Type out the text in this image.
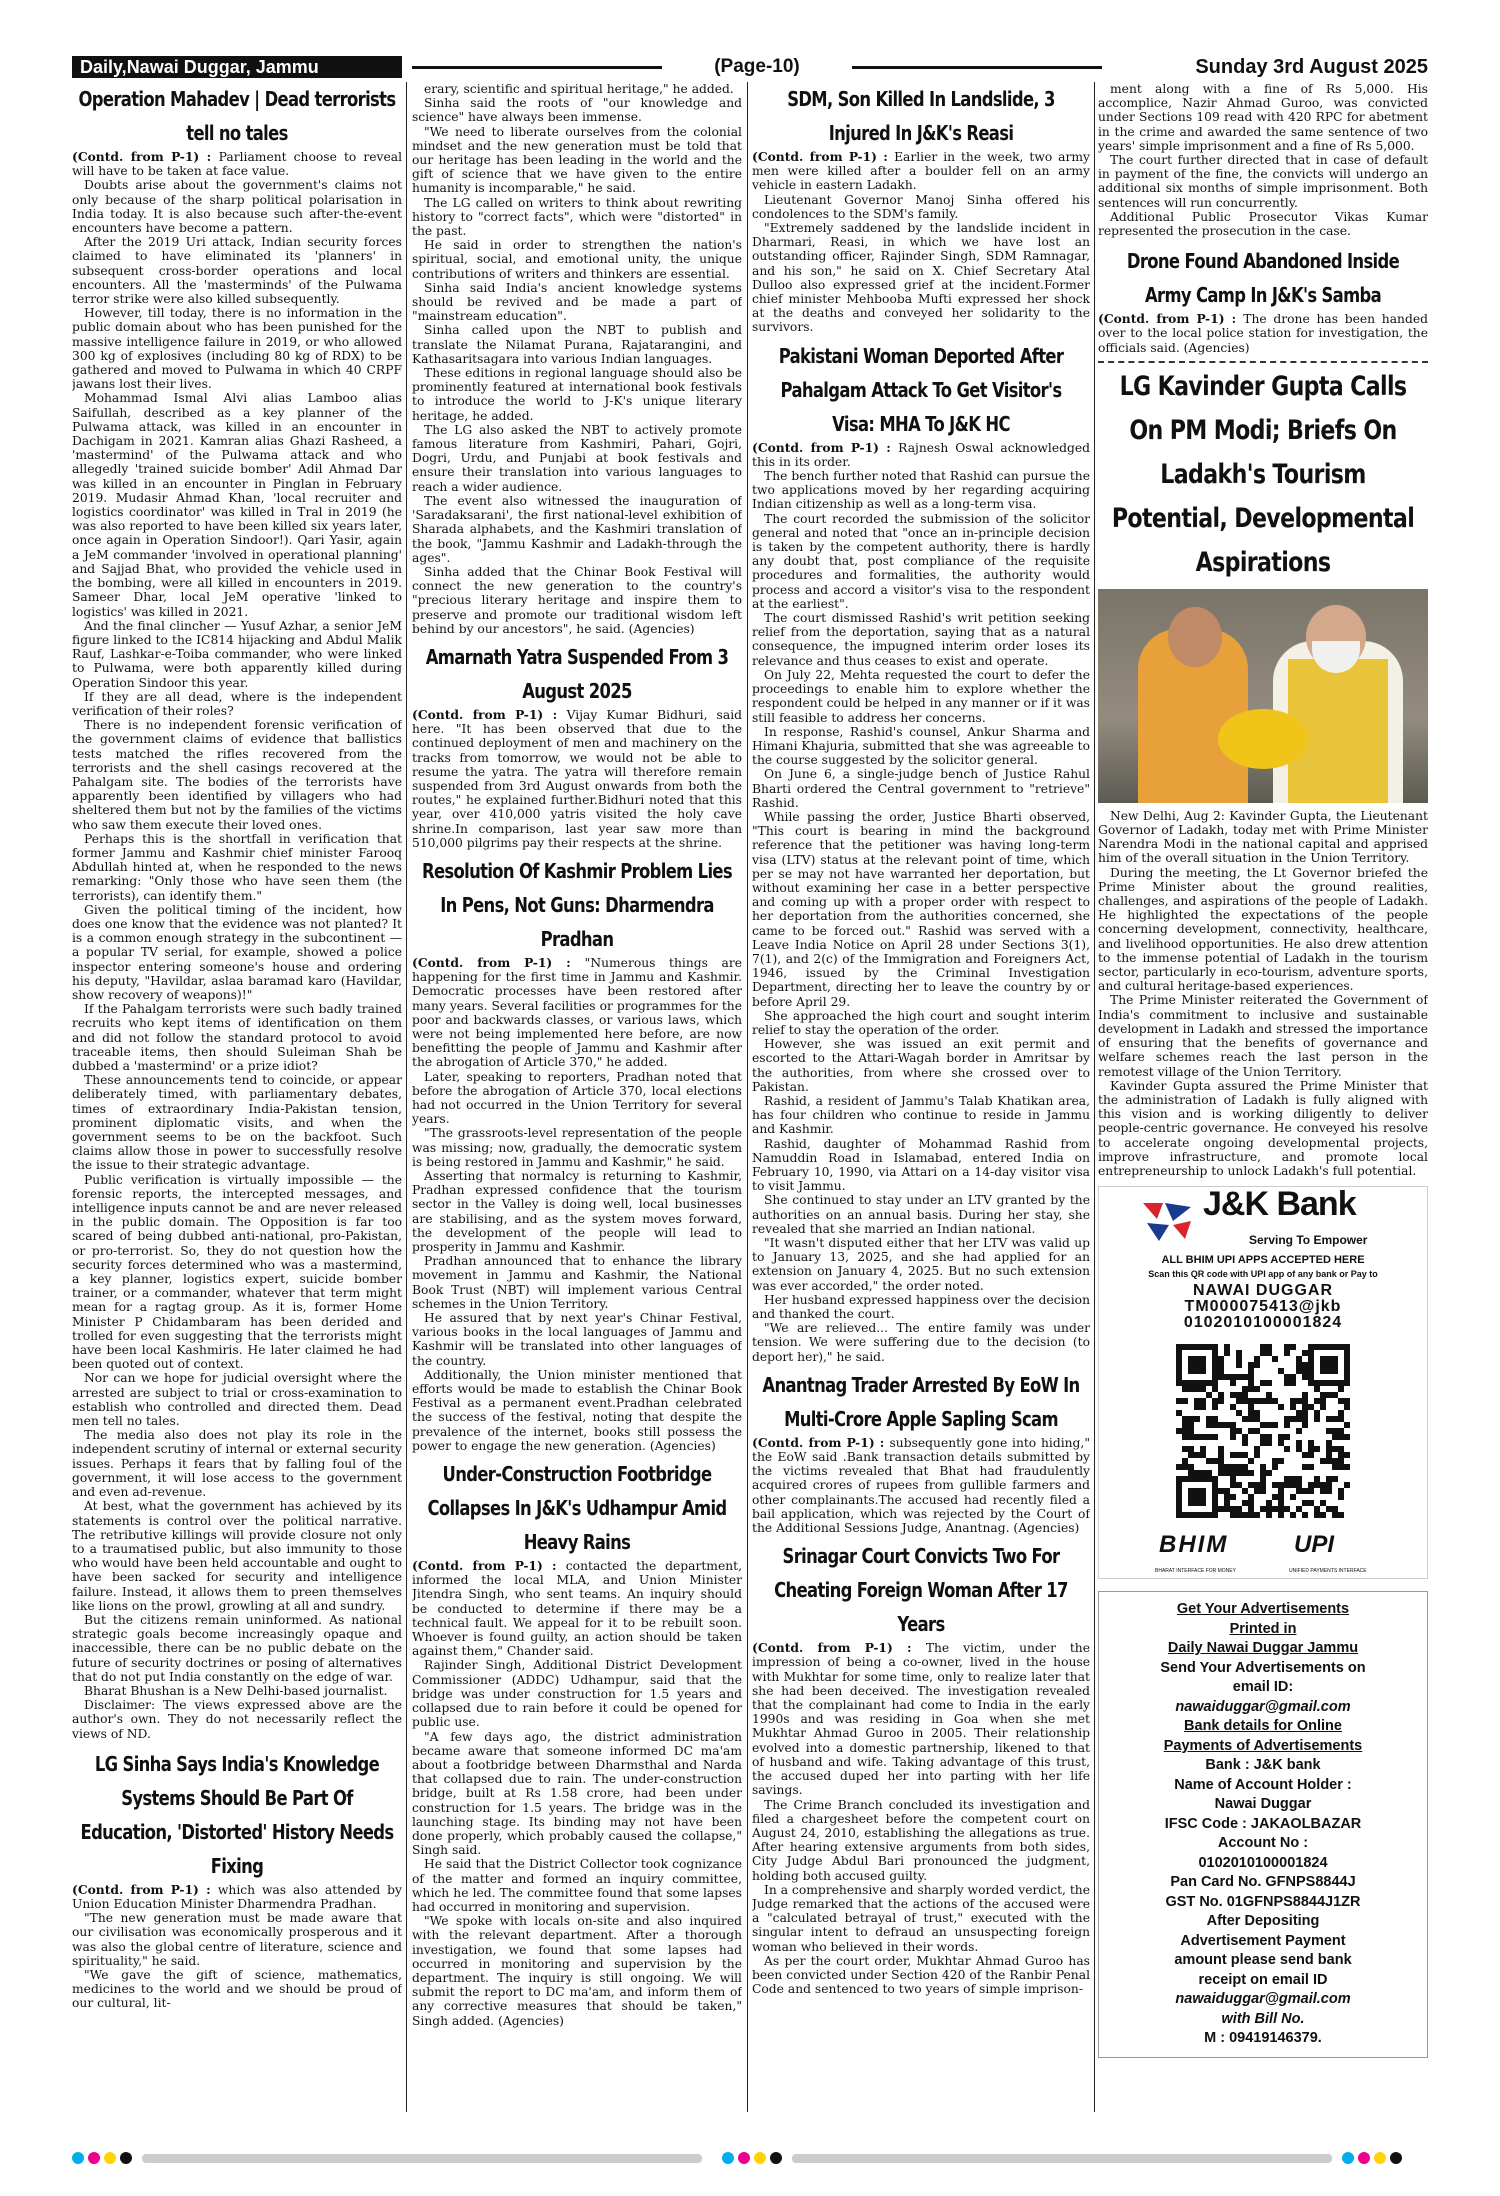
Daily,Nawai Duggar, Jammu	(Page-10)	Sunday 3rd August 2025
Operation Mahadev | Dead terrorists tell no tales

(Contd. from P-1) : Parliament choose to reveal will have to be taken at face value.

Doubts arise about the government's claims not only because of the sharp political polarisation in India today. It is also because such after-the-event encounters have become a pattern.

After the 2019 Uri attack, Indian security forces claimed to have eliminated its 'planners' in subsequent cross-border operations and local encounters. All the 'masterminds' of the Pulwama terror strike were also killed subsequently.

However, till today, there is no information in the public domain about who has been punished for the massive intelligence failure in 2019, or who allowed 300 kg of explosives (including 80 kg of RDX) to be gathered and moved to Pulwama in which 40 CRPF jawans lost their lives.

Mohammad Ismal Alvi alias Lamboo alias Saifullah, described as a key planner of the Pulwama attack, was killed in an encounter in Dachigam in 2021. Kamran alias Ghazi Rasheed, a 'mastermind' of the Pulwama attack and who allegedly 'trained suicide bomber' Adil Ahmad Dar was killed in an encounter in Pinglan in February 2019. Mudasir Ahmad Khan, 'local recruiter and logistics coordinator' was killed in Tral in 2019 (he was also reported to have been killed six years later, once again in Operation Sindoor!). Qari Yasir, again a JeM commander 'involved in operational planning' and Sajjad Bhat, who provided the vehicle used in the bombing, were all killed in encounters in 2019. Sameer Dhar, local JeM operative 'linked to logistics' was killed in 2021.

And the final clincher — Yusuf Azhar, a senior JeM figure linked to the IC814 hijacking and Abdul Malik Rauf, Lashkar-e-Toiba commander, who were linked to Pulwama, were both apparently killed during Operation Sindoor this year.

If they are all dead, where is the independent verification of their roles?

There is no independent forensic verification of the government claims of evidence that ballistics tests matched the rifles recovered from the terrorists and the shell casings recovered at the Pahalgam site. The bodies of the terrorists have apparently been identified by villagers who had sheltered them but not by the families of the victims who saw them execute their loved ones.

Perhaps this is the shortfall in verification that former Jammu and Kashmir chief minister Farooq Abdullah hinted at, when he responded to the news remarking: "Only those who have seen them (the terrorists), can identify them."

Given the political timing of the incident, how does one know that the evidence was not planted? It is a common enough strategy in the subcontinent — a popular TV serial, for example, showed a police inspector entering someone's house and ordering his deputy, "Havildar, aslaa baramad karo (Havildar, show recovery of weapons)!"

If the Pahalgam terrorists were such badly trained recruits who kept items of identification on them and did not follow the standard protocol to avoid traceable items, then should Suleiman Shah be dubbed a 'mastermind' or a prize idiot?

These announcements tend to coincide, or appear deliberately timed, with parliamentary debates, times of extraordinary India-Pakistan tension, prominent diplomatic visits, and when the government seems to be on the backfoot. Such claims allow those in power to successfully resolve the issue to their strategic advantage.

Public verification is virtually impossible — the forensic reports, the intercepted messages, and intelligence inputs cannot be and are never released in the public domain. The Opposition is far too scared of being dubbed anti-national, pro-Pakistan, or pro-terrorist. So, they do not question how the security forces determined who was a mastermind, a key planner, logistics expert, suicide bomber trainer, or a commander, whatever that term might mean for a ragtag group. As it is, former Home Minister P Chidambaram has been derided and trolled for even suggesting that the terrorists might have been local Kashmiris. He later claimed he had been quoted out of context.

Nor can we hope for judicial oversight where the arrested are subject to trial or cross-examination to establish who controlled and directed them. Dead men tell no tales.

The media also does not play its role in the independent scrutiny of internal or external security issues. Perhaps it fears that by falling foul of the government, it will lose access to the government and even ad-revenue.

At best, what the government has achieved by its statements is control over the political narrative. The retributive killings will provide closure not only to a traumatised public, but also immunity to those who would have been held accountable and ought to have been sacked for security and intelligence failure. Instead, it allows them to preen themselves like lions on the prowl, growling at all and sundry.

But the citizens remain uninformed. As national strategic goals become increasingly opaque and inaccessible, there can be no public debate on the future of security doctrines or posing of alternatives that do not put India constantly on the edge of war.

Bharat Bhushan is a New Delhi-based journalist.

Disclaimer: The views expressed above are the author's own. They do not necessarily reflect the views of ND.

LG Sinha Says India's Knowledge Systems Should Be Part Of Education, 'Distorted' History Needs Fixing

(Contd. from P-1) : which was also attended by Union Education Minister Dharmendra Pradhan.

"The new generation must be made aware that our civilisation was economically prosperous and it was also the global centre of literature, science and spirituality," he said.

"We gave the gift of science, mathematics, medicines to the world and we should be proud of our cultural, lit-

erary, scientific and spiritual heritage," he added.

Sinha said the roots of "our knowledge and science" have always been immense.

"We need to liberate ourselves from the colonial mindset and the new generation must be told that our heritage has been leading in the world and the gift of science that we have given to the entire humanity is incomparable," he said.

The LG called on writers to think about rewriting history to "correct facts", which were "distorted" in the past.

He said in order to strengthen the nation's spiritual, social, and emotional unity, the unique contributions of writers and thinkers are essential.

Sinha said India's ancient knowledge systems should be revived and be made a part of "mainstream education".

Sinha called upon the NBT to publish and translate the Nilamat Purana, Rajatarangini, and Kathasaritsagara into various Indian languages.

These editions in regional language should also be prominently featured at international book festivals to introduce the world to J-K's unique literary heritage, he added.

The LG also asked the NBT to actively promote famous literature from Kashmiri, Pahari, Gojri, Dogri, Urdu, and Punjabi at book festivals and ensure their translation into various languages to reach a wider audience.

The event also witnessed the inauguration of 'Saradaksarani', the first national-level exhibition of Sharada alphabets, and the Kashmiri translation of the book, "Jammu Kashmir and Ladakh-through the ages".

Sinha added that the Chinar Book Festival will connect the new generation to the country's "precious literary heritage and inspire them to preserve and promote our traditional wisdom left behind by our ancestors", he said. (Agencies)

Amarnath Yatra Suspended From 3 August 2025

(Contd. from P-1) : Vijay Kumar Bidhuri, said here. "It has been observed that due to the continued deployment of men and machinery on the tracks from tomorrow, we would not be able to resume the yatra. The yatra will therefore remain suspended from 3rd August onwards from both the routes," he explained further.Bidhuri noted that this year, over 410,000 yatris visited the holy cave shrine.In comparison, last year saw more than 510,000 pilgrims pay their respects at the shrine.

Resolution Of Kashmir Problem Lies In Pens, Not Guns: Dharmendra Pradhan

(Contd. from P-1) : "Numerous things are happening for the first time in Jammu and Kashmir. Democratic processes have been restored after many years. Several facilities or programmes for the poor and backwards classes, or various laws, which were not being implemented here before, are now benefitting the people of Jammu and Kashmir after the abrogation of Article 370," he added.

Later, speaking to reporters, Pradhan noted that before the abrogation of Article 370, local elections had not occurred in the Union Territory for several years.

"The grassroots-level representation of the people was missing; now, gradually, the democratic system is being restored in Jammu and Kashmir," he said.

Asserting that normalcy is returning to Kashmir, Pradhan expressed confidence that the tourism sector in the Valley is doing well, local businesses are stabilising, and as the system moves forward, the development of the people will lead to prosperity in Jammu and Kashmir.

Pradhan announced that to enhance the library movement in Jammu and Kashmir, the National Book Trust (NBT) will implement various Central schemes in the Union Territory.

He assured that by next year's Chinar Festival, various books in the local languages of Jammu and Kashmir will be translated into other languages of the country.

Additionally, the Union minister mentioned that efforts would be made to establish the Chinar Book Festival as a permanent event.Pradhan celebrated the success of the festival, noting that despite the prevalence of the internet, books still possess the power to engage the new generation. (Agencies)

Under-Construction Footbridge Collapses In J&K's Udhampur Amid Heavy Rains

(Contd. from P-1) : contacted the department, informed the local MLA, and Union Minister Jitendra Singh, who sent teams. An inquiry should be conducted to determine if there may be a technical fault. We appeal for it to be rebuilt soon. Whoever is found guilty, an action should be taken against them," Chander said.

Rajinder Singh, Additional District Development Commissioner (ADDC) Udhampur, said that the bridge was under construction for 1.5 years and collapsed due to rain before it could be opened for public use.

"A few days ago, the district administration became aware that someone informed DC ma'am about a footbridge between Dharmsthal and Narda that collapsed due to rain. The under-construction bridge, built at Rs 1.58 crore, had been under construction for 1.5 years. The bridge was in the launching stage. Its binding may not have been done properly, which probably caused the collapse," Singh said.

He said that the District Collector took cognizance of the matter and formed an inquiry committee, which he led. The committee found that some lapses had occurred in monitoring and supervision.

"We spoke with locals on-site and also inquired with the relevant department. After a thorough investigation, we found that some lapses had occurred in monitoring and supervision by the department. The inquiry is still ongoing. We will submit the report to DC ma'am, and inform them of any corrective measures that should be taken," Singh added. (Agencies)

SDM, Son Killed In Landslide, 3 Injured In J&K's Reasi

(Contd. from P-1) : Earlier in the week, two army men were killed after a boulder fell on an army vehicle in eastern Ladakh.

Lieutenant Governor Manoj Sinha offered his condolences to the SDM's family.

"Extremely saddened by the landslide incident in Dharmari, Reasi, in which we have lost an outstanding officer, Rajinder Singh, SDM Ramnagar, and his son," he said on X. Chief Secretary Atal Dulloo also expressed grief at the incident.Former chief minister Mehbooba Mufti expressed her shock at the deaths and conveyed her solidarity to the survivors.

Pakistani Woman Deported After Pahalgam Attack To Get Visitor's Visa: MHA To J&K HC

(Contd. from P-1) : Rajnesh Oswal acknowledged this in its order.

The bench further noted that Rashid can pursue the two applications moved by her regarding acquiring Indian citizenship as well as a long-term visa.

The court recorded the submission of the solicitor general and noted that "once an in-principle decision is taken by the competent authority, there is hardly any doubt that, post compliance of the requisite procedures and formalities, the authority would process and accord a visitor's visa to the respondent at the earliest".

The court dismissed Rashid's writ petition seeking relief from the deportation, saying that as a natural consequence, the impugned interim order loses its relevance and thus ceases to exist and operate.

On July 22, Mehta requested the court to defer the proceedings to enable him to explore whether the respondent could be helped in any manner or if it was still feasible to address her concerns.

In response, Rashid's counsel, Ankur Sharma and Himani Khajuria, submitted that she was agreeable to the course suggested by the solicitor general.

On June 6, a single-judge bench of Justice Rahul Bharti ordered the Central government to "retrieve" Rashid.

While passing the order, Justice Bharti observed, "This court is bearing in mind the background reference that the petitioner was having long-term visa (LTV) status at the relevant point of time, which per se may not have warranted her deportation, but without examining her case in a better perspective and coming up with a proper order with respect to her deportation from the authorities concerned, she came to be forced out." Rashid was served with a Leave India Notice on April 28 under Sections 3(1), 7(1), and 2(c) of the Immigration and Foreigners Act, 1946, issued by the Criminal Investigation Department, directing her to leave the country by or before April 29.

She approached the high court and sought interim relief to stay the operation of the order.

However, she was issued an exit permit and escorted to the Attari-Wagah border in Amritsar by the authorities, from where she crossed over to Pakistan.

Rashid, a resident of Jammu's Talab Khatikan area, has four children who continue to reside in Jammu and Kashmir.

Rashid, daughter of Mohammad Rashid from Namuddin Road in Islamabad, entered India on February 10, 1990, via Attari on a 14-day visitor visa to visit Jammu.

She continued to stay under an LTV granted by the authorities on an annual basis. During her stay, she revealed that she married an Indian national.

"It wasn't disputed either that her LTV was valid up to January 13, 2025, and she had applied for an extension on January 4, 2025. But no such extension was ever accorded," the order noted.

Her husband expressed happiness over the decision and thanked the court.

"We are relieved... The entire family was under tension. We were suffering due to the decision (to deport her)," he said.

Anantnag Trader Arrested By EoW In Multi-Crore Apple Sapling Scam

(Contd. from P-1) : subsequently gone into hiding," the EoW said .Bank transaction details submitted by the victims revealed that Bhat had fraudulently acquired crores of rupees from gullible farmers and other complainants.The accused had recently filed a bail application, which was rejected by the Court of the Additional Sessions Judge, Anantnag. (Agencies)

Srinagar Court Convicts Two For Cheating Foreign Woman After 17 Years

(Contd. from P-1) : The victim, under the impression of being a co-owner, lived in the house with Mukhtar for some time, only to realize later that she had been deceived. The investigation revealed that the complainant had come to India in the early 1990s and was residing in Goa when she met Mukhtar Ahmad Guroo in 2005. Their relationship evolved into a domestic partnership, likened to that of husband and wife. Taking advantage of this trust, the accused duped her into parting with her life savings.

The Crime Branch concluded its investigation and filed a chargesheet before the competent court on August 24, 2010, establishing the allegations as true. After hearing extensive arguments from both sides, City Judge Abdul Bari pronounced the judgment, holding both accused guilty.

In a comprehensive and sharply worded verdict, the Judge remarked that the actions of the accused were a "calculated betrayal of trust," executed with the singular intent to defraud an unsuspecting foreign woman who believed in their words.

As per the court order, Mukhtar Ahmad Guroo has been convicted under Section 420 of the Ranbir Penal Code and sentenced to two years of simple imprison-

ment along with a fine of Rs 5,000. His accomplice, Nazir Ahmad Guroo, was convicted under Sections 109 read with 420 RPC for abetment in the crime and awarded the same sentence of two years' simple imprisonment and a fine of Rs 5,000.

The court further directed that in case of default in payment of the fine, the convicts will undergo an additional six months of simple imprisonment. Both sentences will run concurrently.

Additional Public Prosecutor Vikas Kumar represented the prosecution in the case.

Drone Found Abandoned Inside Army Camp In J&K's Samba

(Contd. from P-1) : The drone has been handed over to the local police station for investigation, the officials said. (Agencies)

LG Kavinder Gupta Calls On PM Modi; Briefs On Ladakh's Tourism Potential, Developmental Aspirations

New Delhi, Aug 2: Kavinder Gupta, the Lieutenant Governor of Ladakh, today met with Prime Minister Narendra Modi in the national capital and apprised him of the overall situation in the Union Territory.

During the meeting, the Lt Governor briefed the Prime Minister about the ground realities, challenges, and aspirations of the people of Ladakh. He highlighted the expectations of the people concerning development, connectivity, healthcare, and livelihood opportunities. He also drew attention to the immense potential of Ladakh in the tourism sector, particularly in eco-tourism, adventure sports, and cultural heritage-based experiences.

The Prime Minister reiterated the Government of India's commitment to inclusive and sustainable development in Ladakh and stressed the importance of ensuring that the benefits of governance and welfare schemes reach the last person in the remotest village of the Union Territory.

Kavinder Gupta assured the Prime Minister that the administration of Ladakh is fully aligned with this vision and is working diligently to deliver people-centric governance. He conveyed his resolve to accelerate ongoing developmental projects, improve infrastructure, and promote local entrepreneurship to unlock Ladakh's full potential.

J&K Bank
Serving To Empower
ALL BHIM UPI APPS ACCEPTED HERE
Scan this QR code with UPI app of any bank or Pay to
NAWAI DUGGAR
TM000075413@jkb
0102010100001824
BHIM	UPI
BHARAT INTERFACE FOR MONEY	UNIFIED PAYMENTS INTERFACE
Get Your Advertisements
Printed in
Daily Nawai Duggar Jammu
Send Your Advertisements on
email ID:
nawaiduggar@gmail.com
Bank details for Online
Payments of Advertisements
Bank : J&K bank
Name of Account Holder :
Nawai Duggar
IFSC Code : JAKAOLBAZAR
Account No :
0102010100001824
Pan Card No. GFNPS8844J
GST No. 01GFNPS8844J1ZR
After Depositing
Advertisement Payment
amount please send bank
receipt on email ID
nawaiduggar@gmail.com
with Bill No.
M : 09419146379.
